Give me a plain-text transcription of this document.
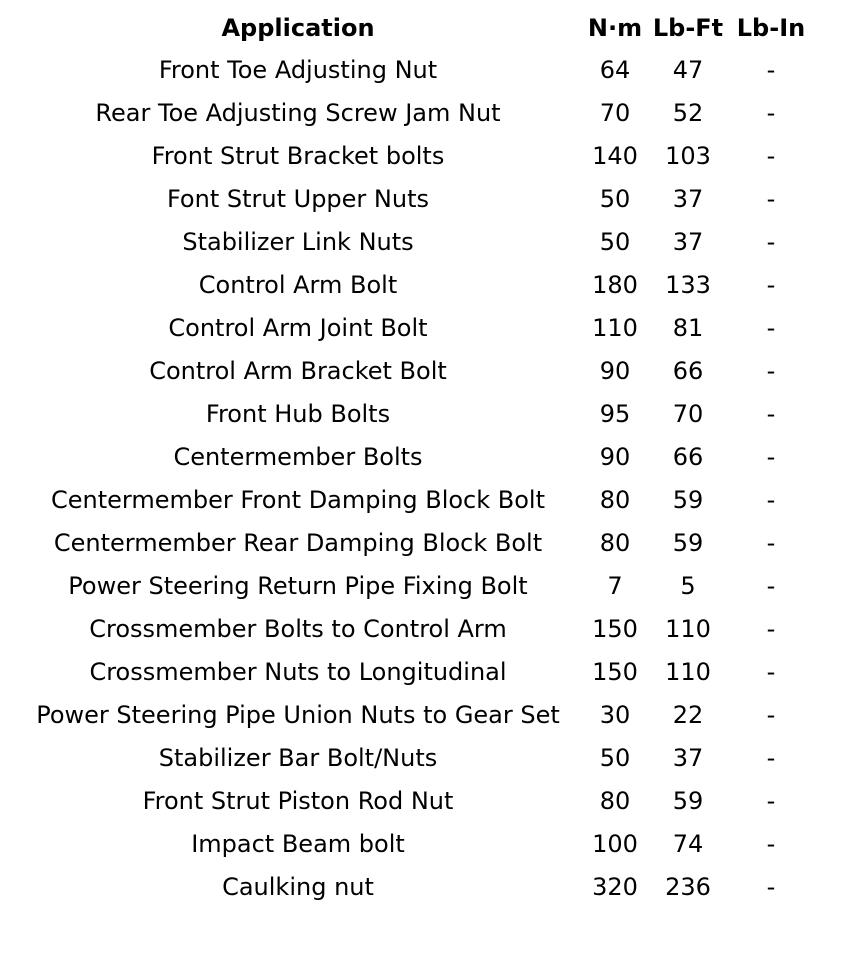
Application	N·m Lb-Ft Lb-In
Front Toe Adjusting Nut	64	47	-
Rear Toe Adjusting Screw Jam Nut	70	52	-
Front Strut Bracket bolts	140	103	-
Font Strut Upper Nuts	50	37	-
Stabilizer Link Nuts	50	37	-
Control Arm Bolt	180	133	-
Control Arm Joint Bolt	110	81	-
Control Arm Bracket Bolt	90	66	-
Front Hub Bolts	95	70	-
Centermember Bolts	90	66	-
Centermember Front Damping Block Bolt	80	59	-
Centermember Rear Damping Block Bolt	80	59	-
Power Steering Return Pipe Fixing Bolt	7	5	-
Crossmember Bolts to Control Arm	150	110	-
Crossmember Nuts to Longitudinal	150	110	-
Power Steering Pipe Union Nuts to Gear Set	30	22	-
Stabilizer Bar Bolt/Nuts	50	37	-
Front Strut Piston Rod Nut	80	59	-
Impact Beam bolt	100	74	-
Caulking nut	320	236	-
